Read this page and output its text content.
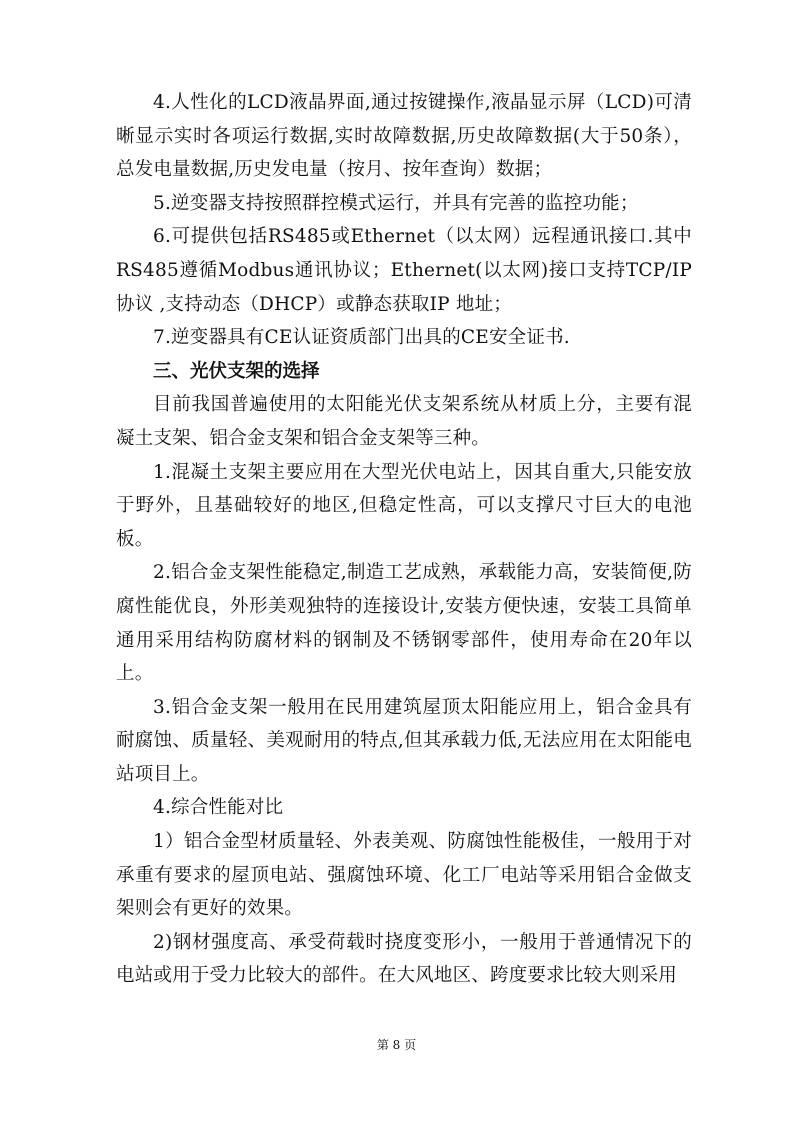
4.人性化的LCD液晶界面,通过按键操作,液晶显示屏（LCD)可清晰显示实时各项运行数据,实时故障数据,历史故障数据(大于50条），总发电量数据,历史发电量（按月、按年查询）数据；

5.逆变器支持按照群控模式运行，并具有完善的监控功能；

6.可提供包括RS485或Ethernet（以太网）远程通讯接口.其中RS485遵循Modbus通讯协议；Ethernet(以太网)接口支持TCP/IP协议 ,支持动态（DHCP）或静态获取IP 地址；

7.逆变器具有CE认证资质部门出具的CE安全证书.

三、光伏支架的选择

目前我国普遍使用的太阳能光伏支架系统从材质上分，主要有混凝土支架、铝合金支架和铝合金支架等三种。

1.混凝土支架主要应用在大型光伏电站上，因其自重大,只能安放于野外，且基础较好的地区,但稳定性高，可以支撑尺寸巨大的电池板。

2.铝合金支架性能稳定,制造工艺成熟，承载能力高，安装简便,防腐性能优良，外形美观独特的连接设计,安装方便快速，安装工具简单通用采用结构防腐材料的钢制及不锈钢零部件，使用寿命在20年以上。

3.铝合金支架一般用在民用建筑屋顶太阳能应用上，铝合金具有耐腐蚀、质量轻、美观耐用的特点,但其承载力低,无法应用在太阳能电站项目上。

4.综合性能对比

1）铝合金型材质量轻、外表美观、防腐蚀性能极佳，一般用于对承重有要求的屋顶电站、强腐蚀环境、化工厂电站等采用铝合金做支架则会有更好的效果。

2)钢材强度高、承受荷载时挠度变形小，一般用于普通情况下的电站或用于受力比较大的部件。在大风地区、跨度要求比较大则采用

第 8 页
